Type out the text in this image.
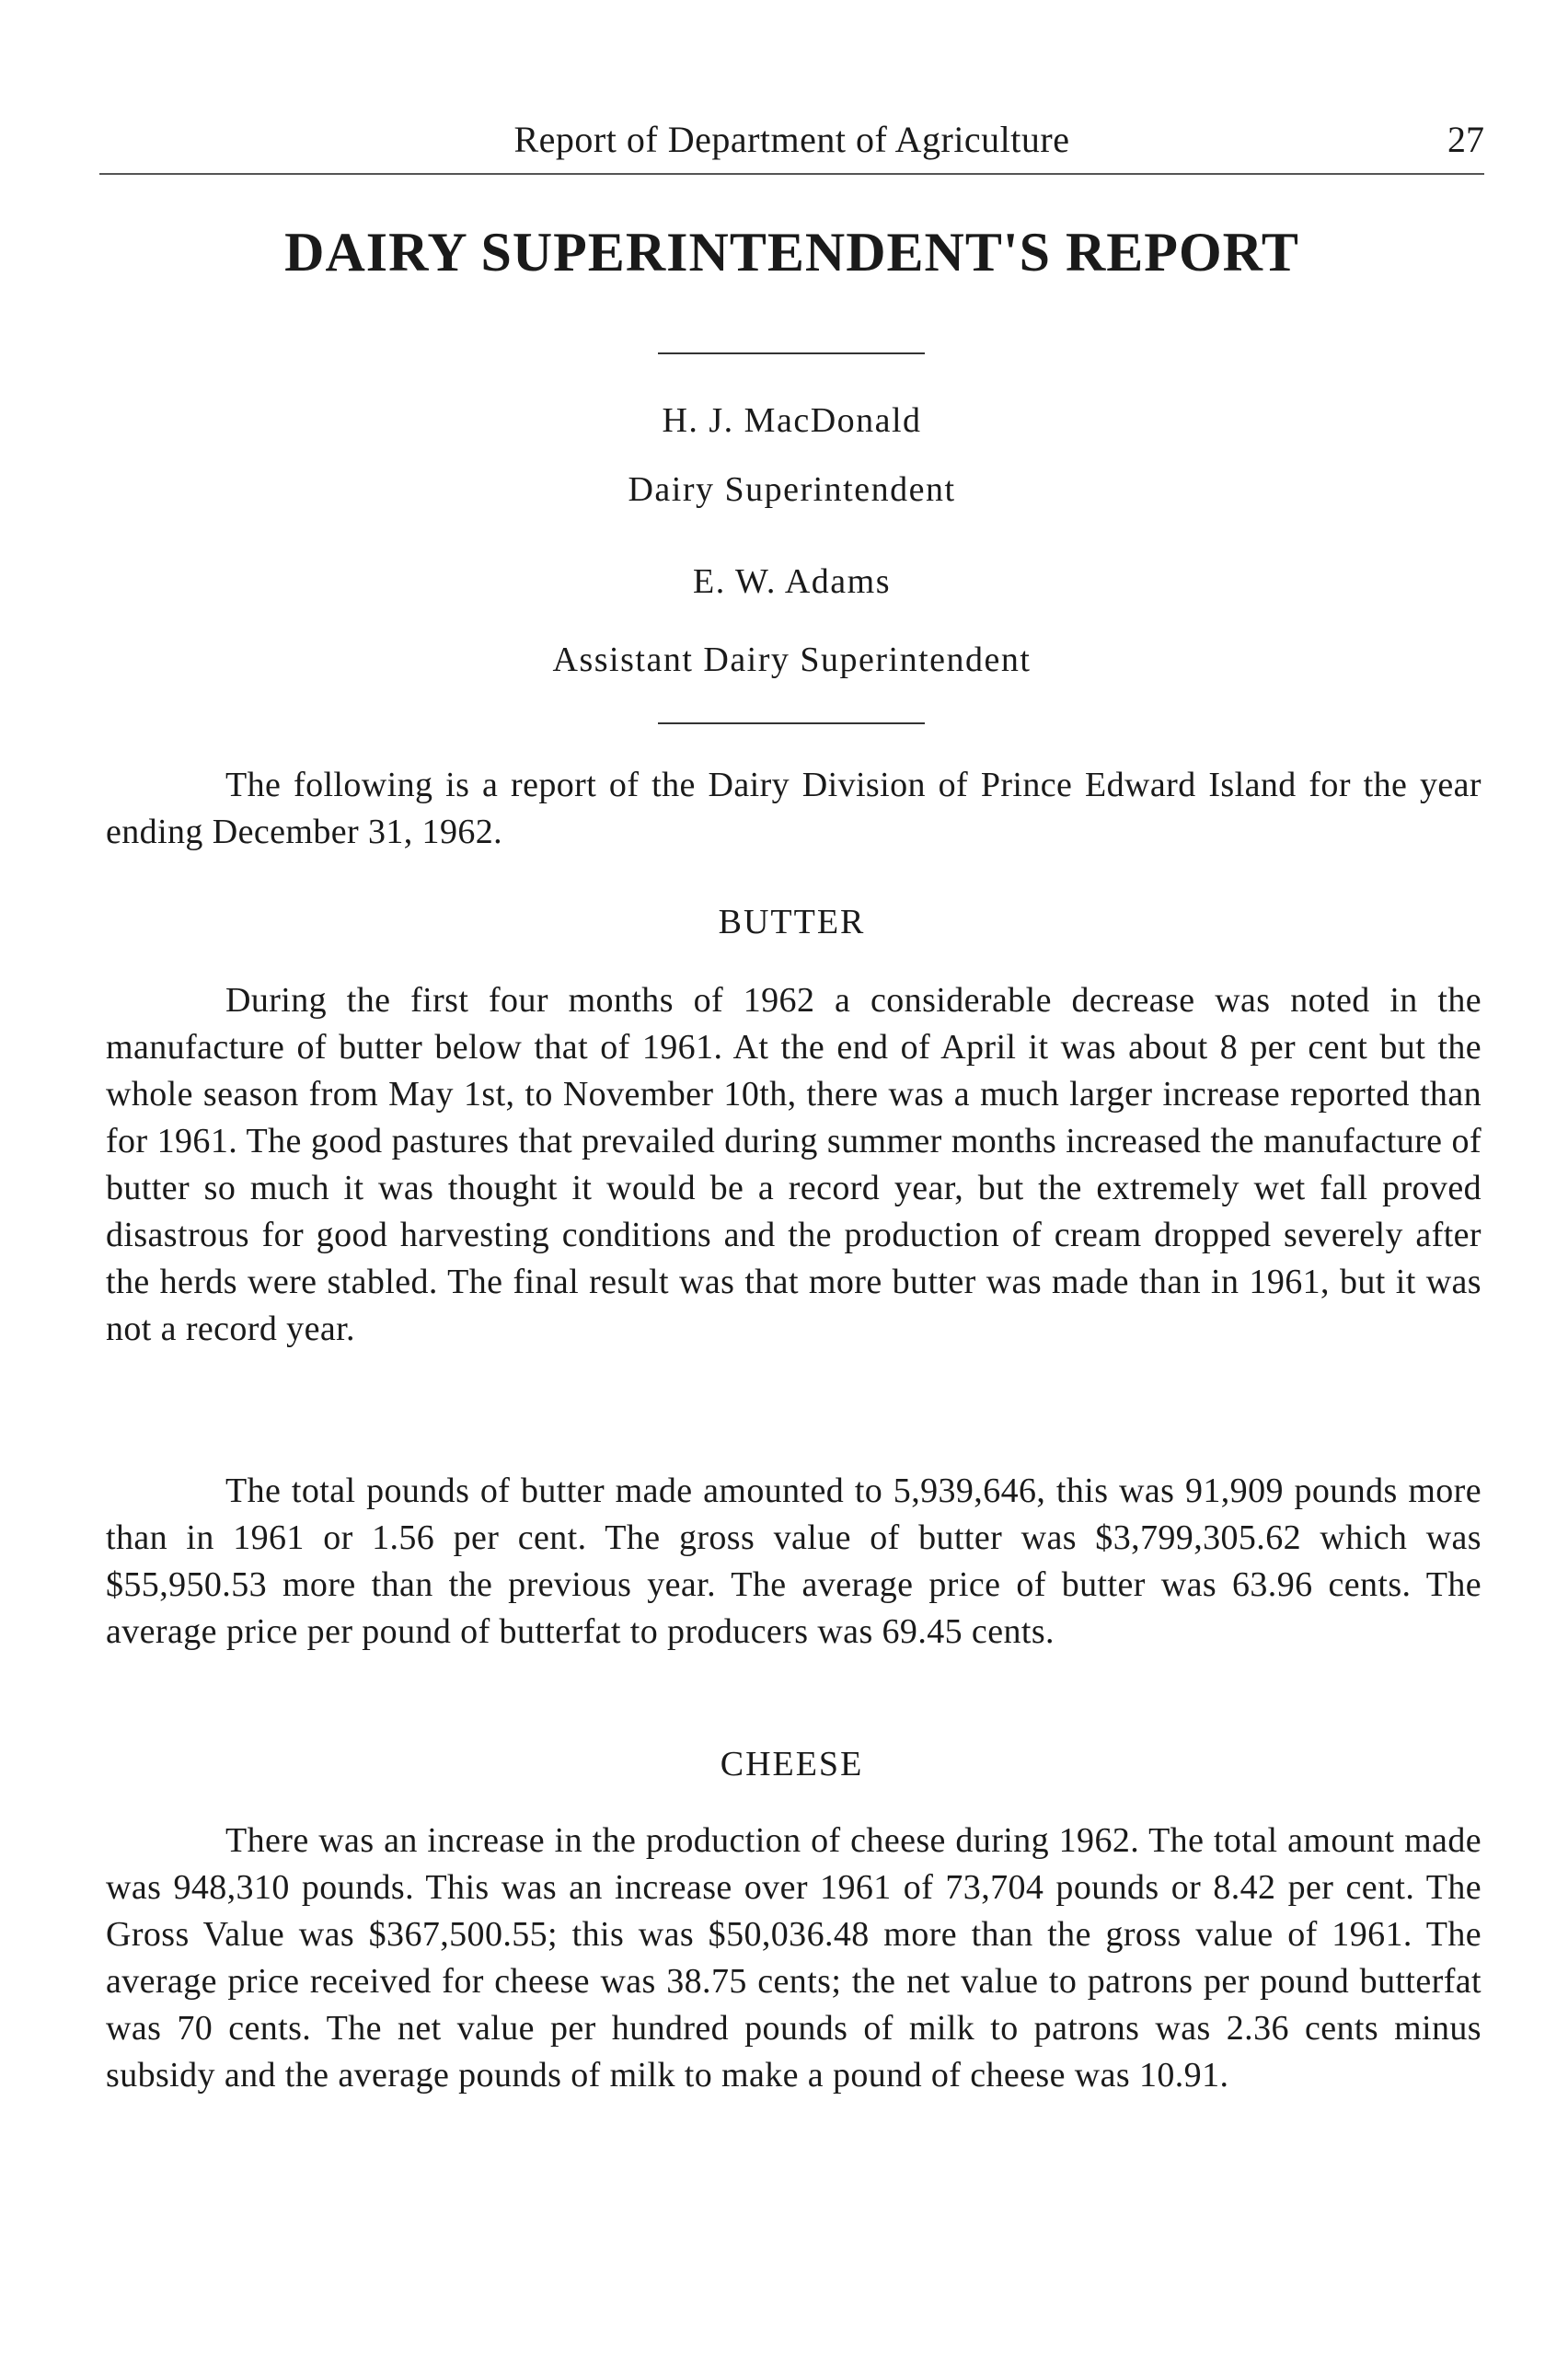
Report of Department of Agriculture	27
DAIRY SUPERINTENDENT'S REPORT
H. J. MacDonald
Dairy Superintendent
E. W. Adams
Assistant Dairy Superintendent

The following is a report of the Dairy Division of Prince Edward Island for the year ending December 31, 1962.

BUTTER

During the first four months of 1962 a considerable decrease was noted in the manufacture of butter below that of 1961. At the end of April it was about 8 per cent but the whole season from May 1st, to November 10th, there was a much larger increase reported than for 1961. The good pastures that prevailed during summer months increased the manufacture of butter so much it was thought it would be a record year, but the extremely wet fall proved disastrous for good harvesting conditions and the production of cream dropped severely after the herds were stabled. The final result was that more butter was made than in 1961, but it was not a record year.

The total pounds of butter made amounted to 5,939,646, this was 91,909 pounds more than in 1961 or 1.56 per cent. The gross value of butter was $3,799,305.62 which was $55,950.53 more than the previous year. The average price of butter was 63.96 cents. The average price per pound of butterfat to producers was 69.45 cents.

CHEESE

There was an increase in the production of cheese during 1962. The total amount made was 948,310 pounds. This was an increase over 1961 of 73,704 pounds or 8.42 per cent. The Gross Value was $367,500.55; this was $50,036.48 more than the gross value of 1961. The average price received for cheese was 38.75 cents; the net value to patrons per pound butterfat was 70 cents. The net value per hundred pounds of milk to patrons was 2.36 cents minus subsidy and the average pounds of milk to make a pound of cheese was 10.91.
